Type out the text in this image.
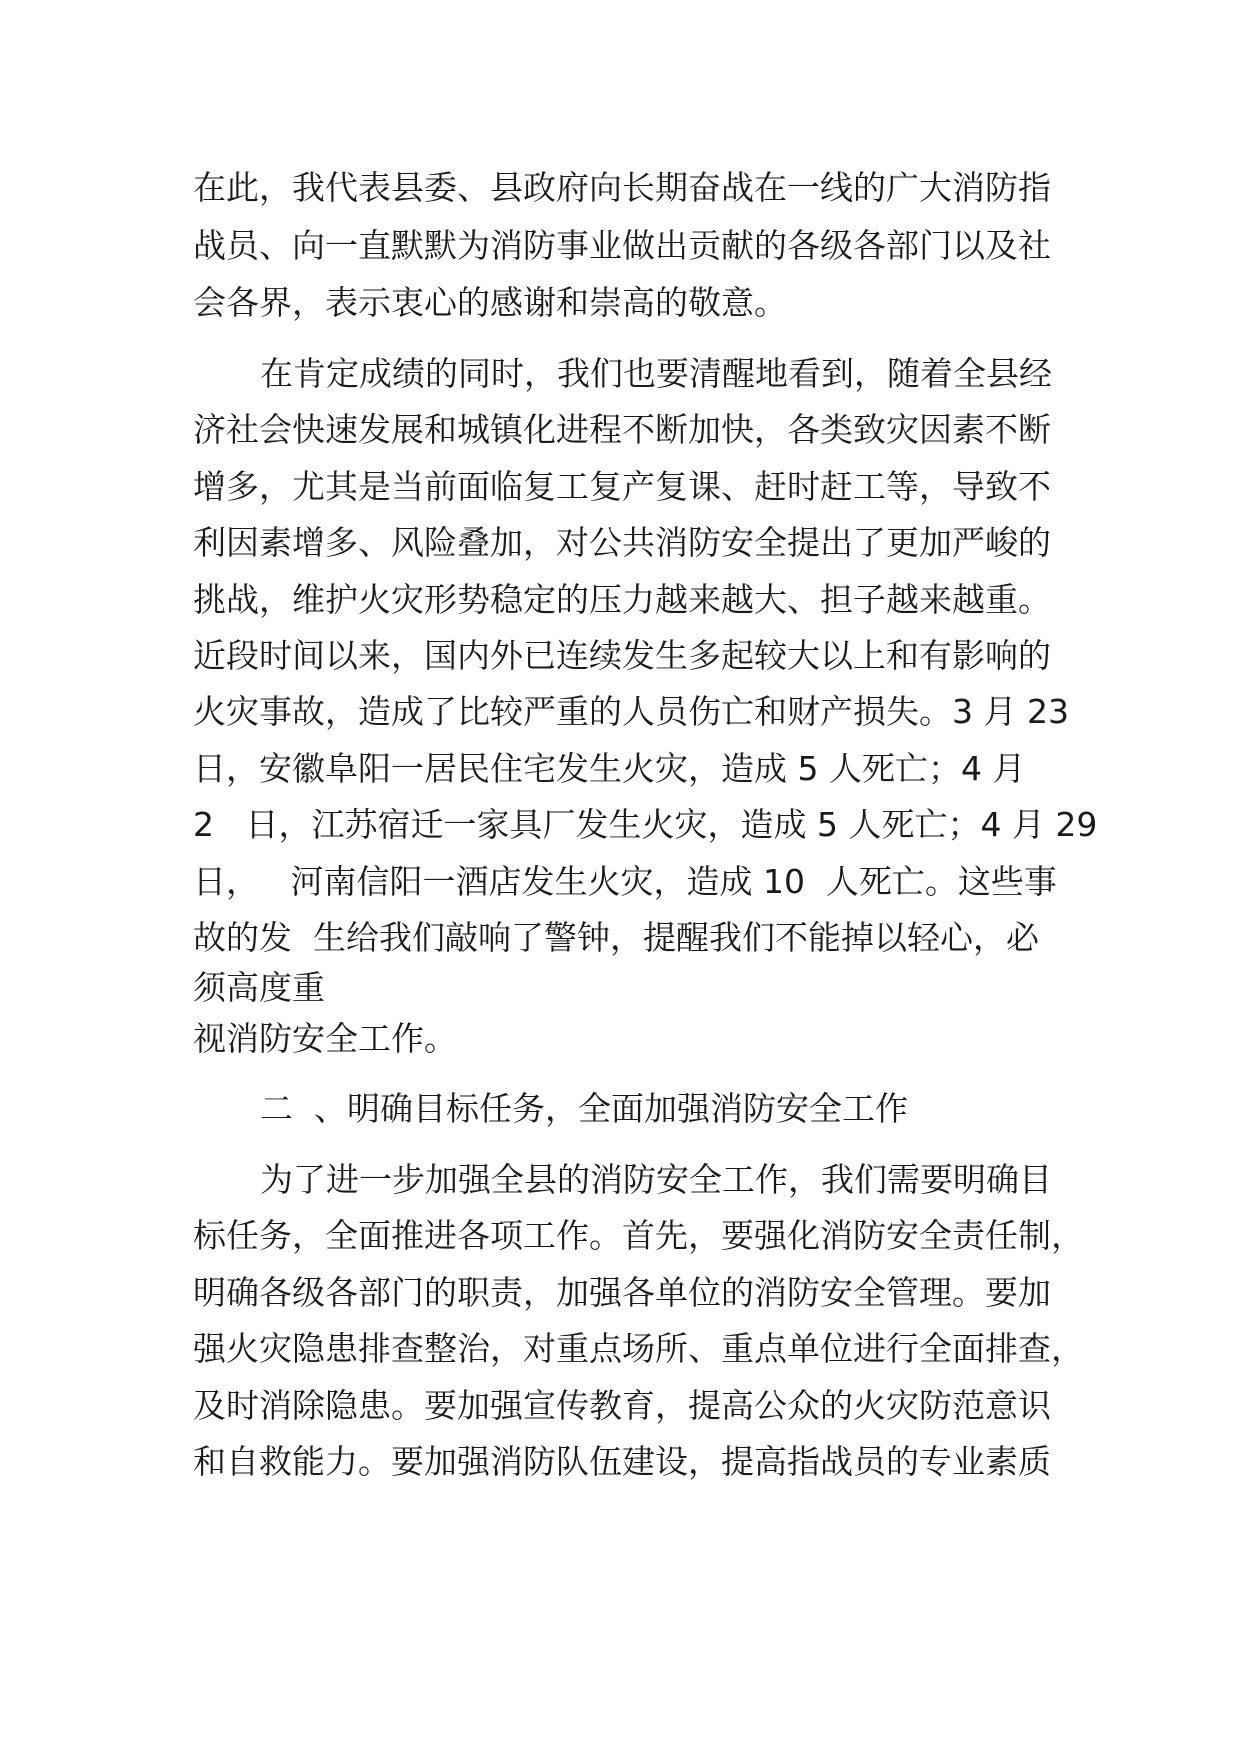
在此，我代表县委、县政府向长期奋战在一线的广大消防指
战员、向一直默默为消防事业做出贡献的各级各部门以及社
会各界，表示衷心的感谢和崇高的敬意。
在肯定成绩的同时，我们也要清醒地看到，随着全县经
济社会快速发展和城镇化进程不断加快，各类致灾因素不断
增多，尤其是当前面临复工复产复课、赶时赶工等，导致不
利因素增多、风险叠加，对公共消防安全提出了更加严峻的
挑战，维护火灾形势稳定的压力越来越大、担子越来越重。
近段时间以来，国内外已连续发生多起较大以上和有影响的
火灾事故，造成了比较严重的人员伤亡和财产损失。3 月 23
日，安徽阜阳一居民住宅发生火灾，造成 5 人死亡；4 月
2   日，江苏宿迁一家具厂发生火灾，造成 5 人死亡；4 月 29
日，   河南信阳一酒店发生火灾，造成 10  人死亡。这些事
故的发  生给我们敲响了警钟，提醒我们不能掉以轻心，必
须高度重
视消防安全工作。
二  、明确目标任务，全面加强消防安全工作
为了进一步加强全县的消防安全工作，我们需要明确目
标任务，全面推进各项工作。首先，要强化消防安全责任制，
明确各级各部门的职责，加强各单位的消防安全管理。要加
强火灾隐患排查整治，对重点场所、重点单位进行全面排查，
及时消除隐患。要加强宣传教育，提高公众的火灾防范意识
和自救能力。要加强消防队伍建设，提高指战员的专业素质
